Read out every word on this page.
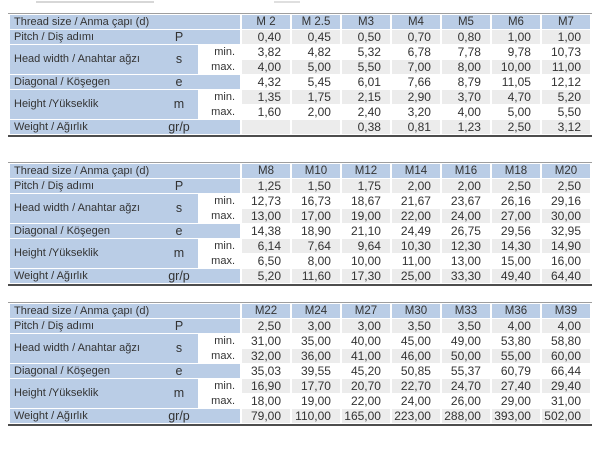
Thread size / Anma çapı (d)		M 2	M 2.5	M3	M4	M5	M6	M7

Pitch / Diş adımı P		0,40	0,45	0,50	0,70	0,80	1,00	1,00

Head width / Anahtar ağzı s	min.	3,82	4,82	5,32	6,78	7,78	9,78	10,73
	max.	4,00	5,00	5,50	7,00	8,00	10,00	11,00

Diagonal / Köşegen e		4,32	5,45	6,01	7,66	8,79	11,05	12,12

Height /Yükseklik m	min.	1,35	1,75	2,15	2,90	3,70	4,70	5,20
	max.	1,60	2,00	2,40	3,20	4,00	5,00	5,50

Weight / Ağırlık gr/p				0,38	0,81	1,23	2,50	3,12
Thread size / Anma çapı (d)		M8	M10	M12	M14	M16	M18	M20

Pitch / Diş adımı P		1,25	1,50	1,75	2,00	2,00	2,50	2,50

Head width / Anahtar ağzı s	min.	12,73	16,73	18,67	21,67	23,67	26,16	29,16
	max.	13,00	17,00	19,00	22,00	24,00	27,00	30,00

Diagonal / Köşegen e		14,38	18,90	21,10	24,49	26,75	29,56	32,95

Height /Yükseklik m	min.	6,14	7,64	9,64	10,30	12,30	14,30	14,90
	max.	6,50	8,00	10,00	11,00	13,00	15,00	16,00

Weight / Ağırlık gr/p		5,20	11,60	17,30	25,00	33,30	49,40	64,40
Thread size / Anma çapı (d)		M22	M24	M27	M30	M33	M36	M39

Pitch / Diş adımı P		2,50	3,00	3,00	3,50	3,50	4,00	4,00

Head width / Anahtar ağzı s	min.	31,00	35,00	40,00	45,00	49,00	53,80	58,80
	max.	32,00	36,00	41,00	46,00	50,00	55,00	60,00

Diagonal / Köşegen e		35,03	39,55	45,20	50,85	55,37	60,79	66,44

Height /Yükseklik m	min.	16,90	17,70	20,70	22,70	24,70	27,40	29,40
	max.	18,00	19,00	22,00	24,00	26,00	29,00	31,00

Weight / Ağırlık gr/p		79,00	110,00	165,00	223,00	288,00	393,00	502,00
